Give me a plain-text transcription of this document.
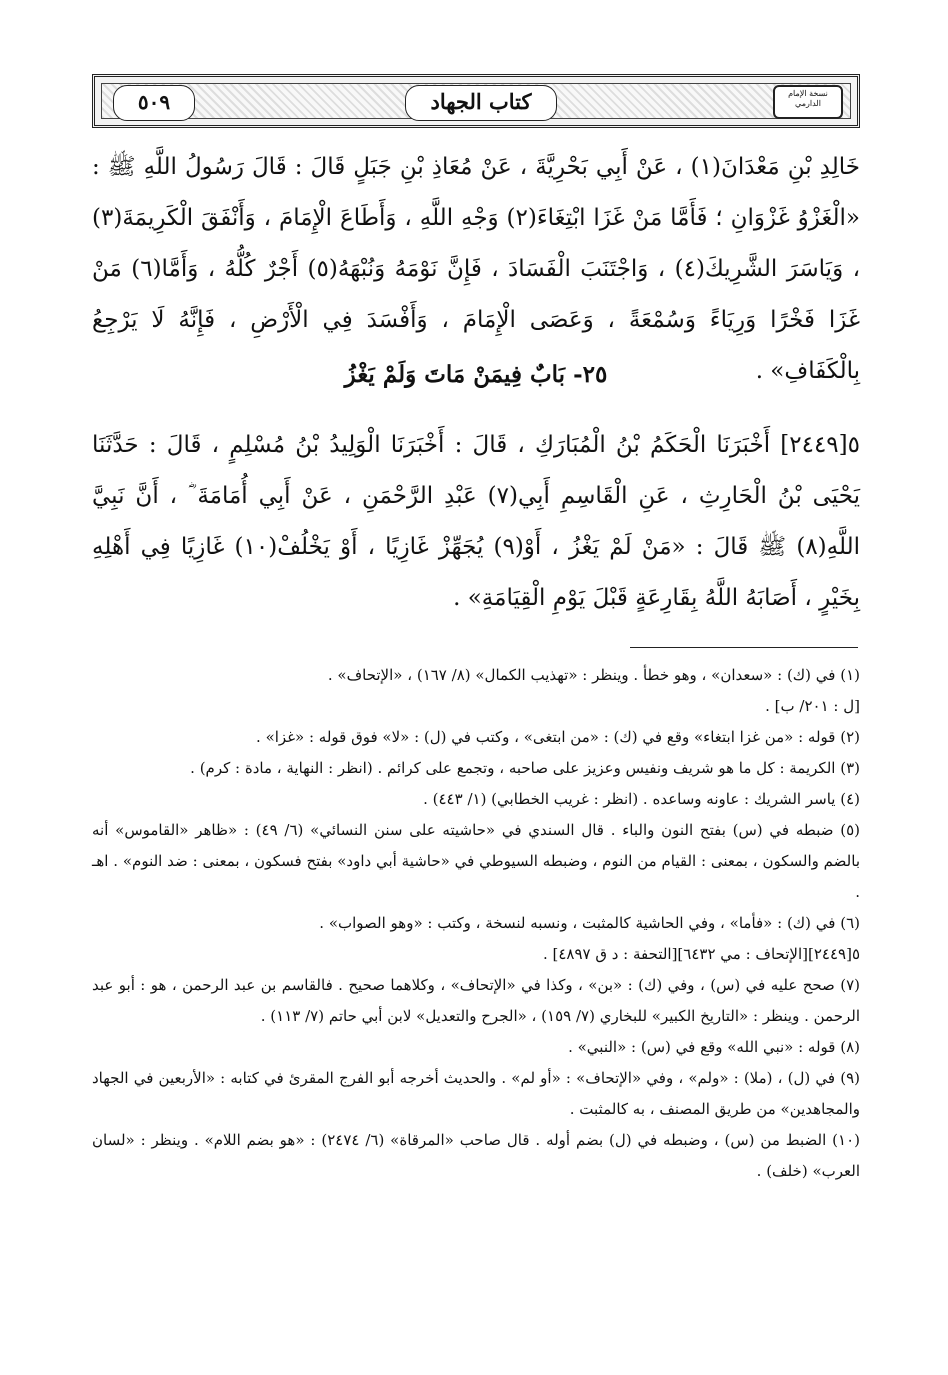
نسخة الإمام الدارمي
كتاب الجهاد
٥٠٩
خَالِدِ بْنِ مَعْدَانَ(١) ، عَنْ أَبِي بَحْرِيَّةَ ، عَنْ مُعَاذِ بْنِ جَبَلٍ قَالَ : قَالَ رَسُولُ اللَّهِ ﷺ : «الْغَزْوُ غَزْوَانِ ؛ فَأَمَّا مَنْ غَزَا ابْتِغَاءَ(٢) وَجْهِ اللَّهِ ، وَأَطَاعَ الْإِمَامَ ، وَأَنْفَقَ الْكَرِيمَةَ(٣) ، وَيَاسَرَ الشَّرِيكَ(٤) ، وَاجْتَنَبَ الْفَسَادَ ، فَإِنَّ نَوْمَهُ وَنُبْهَهُ(٥) أَجْرٌ كُلُّهُ ، وَأَمَّا(٦) مَنْ غَزَا فَخْرًا وَرِيَاءً وَسُمْعَةً ، وَعَصَى الْإِمَامَ ، وَأَفْسَدَ فِي الْأَرْضِ ، فَإِنَّهُ لَا يَرْجِعُ بِالْكَفَافِ» .
٢٥- بَابٌ فِيمَنْ مَاتَ وَلَمْ يَغْزُ
٥[٢٤٤٩] أَخْبَرَنَا الْحَكَمُ بْنُ الْمُبَارَكِ ، قَالَ : أَخْبَرَنَا الْوَلِيدُ بْنُ مُسْلِمٍ ، قَالَ : حَدَّثَنَا يَحْيَى بْنُ الْحَارِثِ ، عَنِ الْقَاسِمِ أَبِي(٧) عَبْدِ الرَّحْمَنِ ، عَنْ أَبِي أُمَامَةَ ؓ ، أَنَّ نَبِيَّ اللَّهِ(٨) ﷺ قَالَ : «مَنْ لَمْ يَغْزُ ، أَوْ(٩) يُجَهِّزْ غَازِيًا ، أَوْ يَخْلُفْ(١٠) غَازِيًا فِي أَهْلِهِ بِخَيْرٍ ، أَصَابَهُ اللَّهُ بِقَارِعَةٍ قَبْلَ يَوْمِ الْقِيَامَةِ» .

(١) في (ك) : «سعدان» ، وهو خطأ . وينظر : «تهذيب الكمال» (٨/ ١٦٧) ، «الإتحاف» .

[ل : ٢٠١/ ب] .

(٢) قوله : «من غزا ابتغاء» وقع في (ك) : «من ابتغى» ، وكتب في (ل) : «لا» فوق قوله : «غزا» .

(٣) الكريمة : كل ما هو شريف ونفيس وعزيز على صاحبه ، وتجمع على كرائم . (انظر : النهاية ، مادة : كرم) .

(٤) ياسر الشريك : عاونه وساعده . (انظر : غريب الخطابي) (١/ ٤٤٣) .

(٥) ضبطه في (س) بفتح النون والباء . قال السندي في «حاشيته على سنن النسائي» (٦/ ٤٩) : «ظاهر «القاموس» أنه بالضم والسكون ، بمعنى : القيام من النوم ، وضبطه السيوطي في «حاشية أبي داود» بفتح فسكون ، بمعنى : ضد النوم» . اهـ .

(٦) في (ك) : «فأما» ، وفي الحاشية كالمثبت ، ونسبه لنسخة ، وكتب : «وهو الصواب» .

٥[٢٤٤٩][الإتحاف : مي ٦٤٣٢][التحفة : د ق ٤٨٩٧] .

(٧) صحح عليه في (س) ، وفي (ك) : «بن» ، وكذا في «الإتحاف» ، وكلاهما صحيح . فالقاسم بن عبد الرحمن ، هو : أبو عبد الرحمن . وينظر : «التاريخ الكبير» للبخاري (٧/ ١٥٩) ، «الجرح والتعديل» لابن أبي حاتم (٧/ ١١٣) .

(٨) قوله : «نبي الله» وقع في (س) : «النبي» .

(٩) في (ل) ، (ملا) : «ولم» ، وفي «الإتحاف» : «أو لم» . والحديث أخرجه أبو الفرج المقرئ في كتابه : «الأربعين في الجهاد والمجاهدين» من طريق المصنف ، به كالمثبت .

(١٠) الضبط من (س) ، وضبطه في (ل) بضم أوله . قال صاحب «المرقاة» (٦/ ٢٤٧٤) : «هو بضم اللام» . وينظر : «لسان العرب» (خلف) .
